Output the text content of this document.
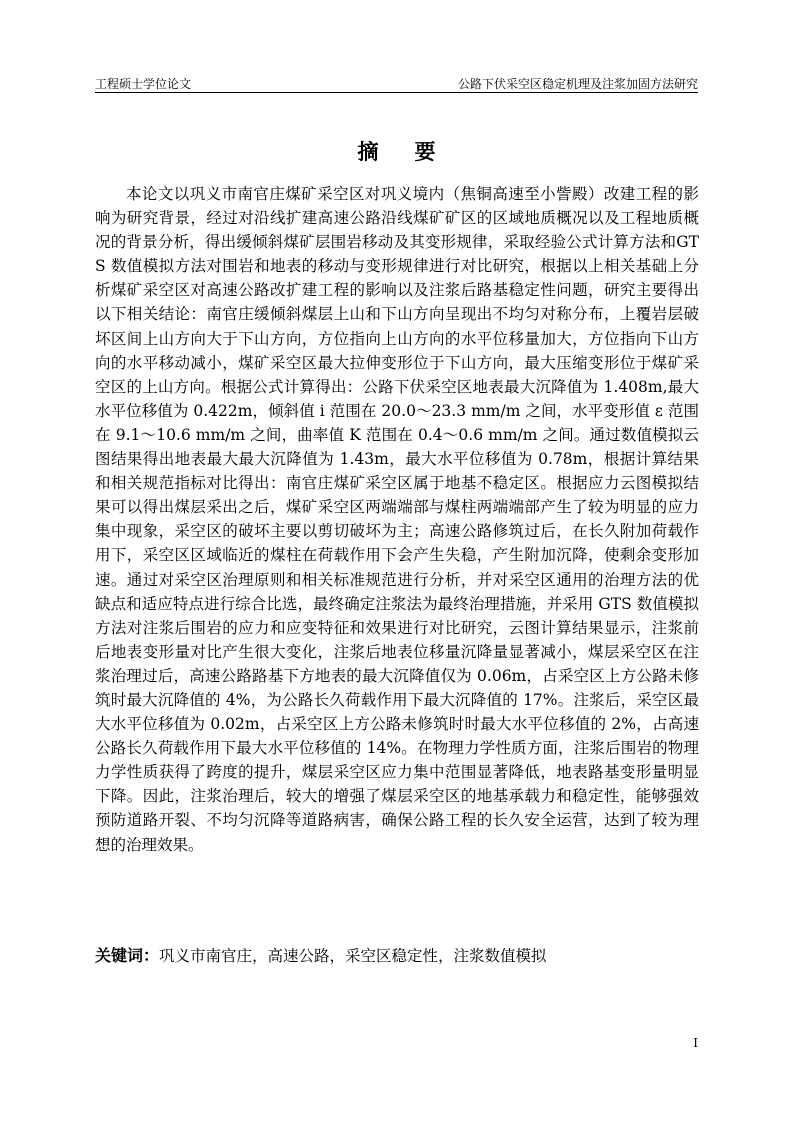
工程硕士学位论文	公路下伏采空区稳定机理及注浆加固方法研究
摘要

本论文以巩义市南官庄煤矿采空区对巩义境内（焦铜高速至小訾殿）改建工程的影响为研究背景，经过对沿线扩建高速公路沿线煤矿矿区的区域地质概况以及工程地质概况的背景分析，得出缓倾斜煤矿层围岩移动及其变形规律，采取经验公式计算方法和GTS 数值模拟方法对围岩和地表的移动与变形规律进行对比研究，根据以上相关基础上分析煤矿采空区对高速公路改扩建工程的影响以及注浆后路基稳定性问题，研究主要得出以下相关结论：南官庄缓倾斜煤层上山和下山方向呈现出不均匀对称分布，上覆岩层破坏区间上山方向大于下山方向，方位指向上山方向的水平位移量加大，方位指向下山方向的水平移动减小，煤矿采空区最大拉伸变形位于下山方向，最大压缩变形位于煤矿采空区的上山方向。根据公式计算得出：公路下伏采空区地表最大沉降值为 1.408m,最大水平位移值为 0.422m，倾斜值 i 范围在 20.0～23.3 mm/m 之间，水平变形值 ε 范围在 9.1～10.6 mm/m 之间，曲率值 K 范围在 0.4～0.6 mm/m 之间。通过数值模拟云图结果得出地表最大最大沉降值为 1.43m，最大水平位移值为 0.78m，根据计算结果和相关规范指标对比得出：南官庄煤矿采空区属于地基不稳定区。根据应力云图模拟结果可以得出煤层采出之后，煤矿采空区两端端部与煤柱两端端部产生了较为明显的应力集中现象，采空区的破坏主要以剪切破坏为主；高速公路修筑过后，在长久附加荷载作用下，采空区区域临近的煤柱在荷载作用下会产生失稳，产生附加沉降，使剩余变形加速。通过对采空区治理原则和相关标准规范进行分析，并对采空区通用的治理方法的优缺点和适应特点进行综合比选，最终确定注浆法为最终治理措施，并采用 GTS 数值模拟方法对注浆后围岩的应力和应变特征和效果进行对比研究，云图计算结果显示，注浆前后地表变形量对比产生很大变化，注浆后地表位移量沉降量显著减小，煤层采空区在注浆治理过后，高速公路路基下方地表的最大沉降值仅为 0.06m，占采空区上方公路未修筑时最大沉降值的 4%，为公路长久荷载作用下最大沉降值的 17%。注浆后，采空区最大水平位移值为 0.02m，占采空区上方公路未修筑时时最大水平位移值的 2%，占高速公路长久荷载作用下最大水平位移值的 14%。在物理力学性质方面，注浆后围岩的物理力学性质获得了跨度的提升，煤层采空区应力集中范围显著降低，地表路基变形量明显下降。因此，注浆治理后，较大的增强了煤层采空区的地基承载力和稳定性，能够强效预防道路开裂、不均匀沉降等道路病害，确保公路工程的长久安全运营，达到了较为理想的治理效果。

关键词：巩义市南官庄，高速公路，采空区稳定性，注浆数值模拟
I
